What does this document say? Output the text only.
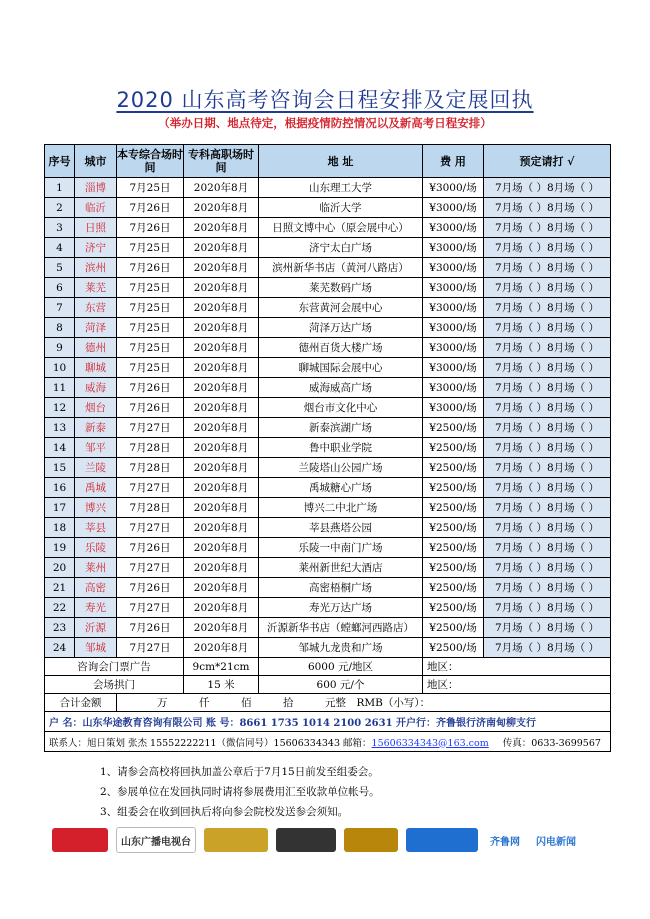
2020 山东高考咨询会日程安排及定展回执
（举办日期、地点待定，根据疫情防控情况以及新高考日程安排）
序号	城市	本专综合场时间	专科高职场时间	地 址	费 用	预定请打 √
1	淄博	7月25日	2020年8月	山东理工大学	¥3000/场	7月场（ ）8月场（ ）
2	临沂	7月26日	2020年8月	临沂大学	¥3000/场	7月场（ ）8月场（ ）
3	日照	7月26日	2020年8月	日照文博中心（原会展中心）	¥3000/场	7月场（ ）8月场（ ）
4	济宁	7月25日	2020年8月	济宁太白广场	¥3000/场	7月场（ ）8月场（ ）
5	滨州	7月26日	2020年8月	滨州新华书店（黄河八路店）	¥3000/场	7月场（ ）8月场（ ）
6	莱芜	7月25日	2020年8月	莱芜数码广场	¥3000/场	7月场（ ）8月场（ ）
7	东营	7月25日	2020年8月	东营黄河会展中心	¥3000/场	7月场（ ）8月场（ ）
8	菏泽	7月25日	2020年8月	菏泽万达广场	¥3000/场	7月场（ ）8月场（ ）
9	德州	7月25日	2020年8月	德州百货大楼广场	¥3000/场	7月场（ ）8月场（ ）
10	聊城	7月25日	2020年8月	聊城国际会展中心	¥3000/场	7月场（ ）8月场（ ）
11	威海	7月26日	2020年8月	威海威高广场	¥3000/场	7月场（ ）8月场（ ）
12	烟台	7月26日	2020年8月	烟台市文化中心	¥3000/场	7月场（ ）8月场（ ）
13	新泰	7月27日	2020年8月	新泰滨湖广场	¥2500/场	7月场（ ）8月场（ ）
14	邹平	7月28日	2020年8月	鲁中职业学院	¥2500/场	7月场（ ）8月场（ ）
15	兰陵	7月28日	2020年8月	兰陵塔山公园广场	¥2500/场	7月场（ ）8月场（ ）
16	禹城	7月27日	2020年8月	禹城糖心广场	¥2500/场	7月场（ ）8月场（ ）
17	博兴	7月28日	2020年8月	博兴二中北广场	¥2500/场	7月场（ ）8月场（ ）
18	莘县	7月27日	2020年8月	莘县燕塔公园	¥2500/场	7月场（ ）8月场（ ）
19	乐陵	7月26日	2020年8月	乐陵一中南门广场	¥2500/场	7月场（ ）8月场（ ）
20	莱州	7月27日	2020年8月	莱州新世纪大酒店	¥2500/场	7月场（ ）8月场（ ）
21	高密	7月26日	2020年8月	高密梧桐广场	¥2500/场	7月场（ ）8月场（ ）
22	寿光	7月27日	2020年8月	寿光万达广场	¥2500/场	7月场（ ）8月场（ ）
23	沂源	7月26日	2020年8月	沂源新华书店（螳螂河西路店）	¥2500/场	7月场（ ）8月场（ ）
24	邹城	7月27日	2020年8月	邹城九龙贵和广场	¥2500/场	7月场（ ）8月场（ ）
咨询会门票广告			9cm*21cm	6000 元/地区	地区：	
会场拱门			15 米	600 元/个	地区：	
合计金额		万　　　仟　　　佰　　　拾　　　元整　RMB（小写）：				
户 名：山东华途教育咨询有限公司 账 号：8661 1735 1014 2100 2631 开户行：齐鲁银行济南甸柳支行						
联系人：旭日策划 张杰 15552222211（微信同号）15606334343 邮箱：15606334343@163.com 传真：0633-3699567						
1、请参会高校将回执加盖公章后于7月15日前发至组委会。
2、参展单位在发回执同时请将参展费用汇至收款单位帐号。
3、组委会在收到回执后将向参会院校发送参会须知。
山东广播电视台	齐鲁网	闪电新闻
